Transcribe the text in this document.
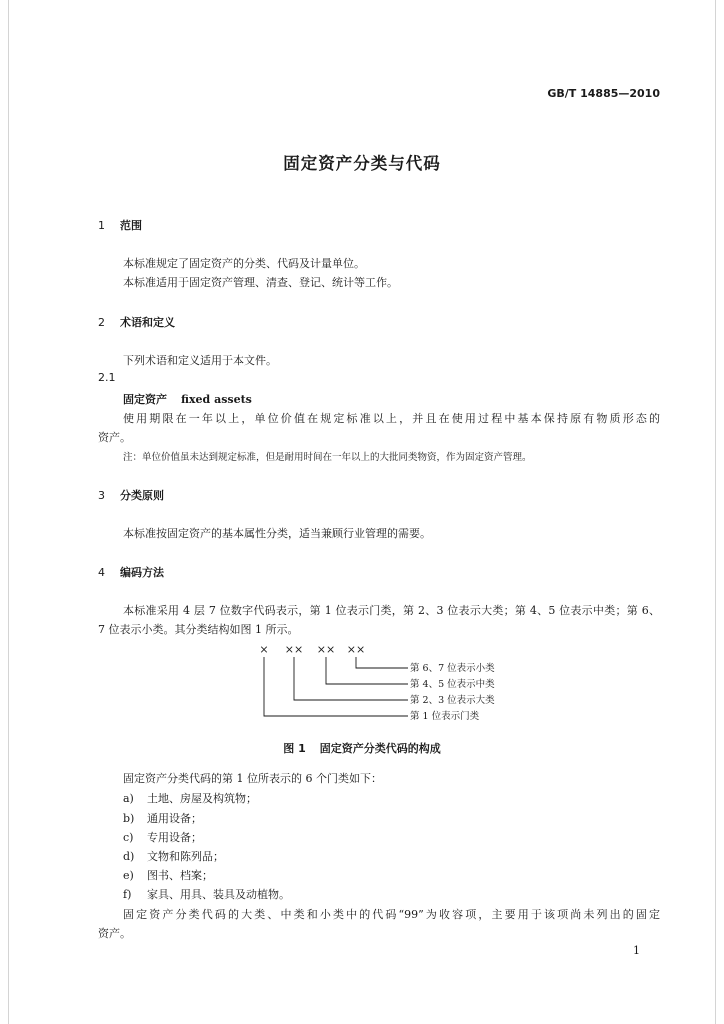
GB/T 14885—2010
固定资产分类与代码
1 范围
本标准规定了固定资产的分类、代码及计量单位。
本标准适用于固定资产管理、清查、登记、统计等工作。
2 术语和定义
下列术语和定义适用于本文件。
2.1
固定资产 fixed assets
使用期限在一年以上，单位价值在规定标准以上，并且在使用过程中基本保持原有物质形态的
资产。
注：单位价值虽未达到规定标准，但是耐用时间在一年以上的大批同类物资，作为固定资产管理。
3 分类原则
本标准按固定资产的基本属性分类，适当兼顾行业管理的需要。
4 编码方法
本标准采用 4 层 7 位数字代码表示，第 1 位表示门类，第 2、3 位表示大类；第 4、5 位表示中类；第 6、
7 位表示小类。其分类结构如图 1 所示。
× ×× ×× ××
第 6、7 位表示小类
第 4、5 位表示中类
第 2、3 位表示大类
第 1 位表示门类
图 1 固定资产分类代码的构成
固定资产分类代码的第 1 位所表示的 6 个门类如下：
a) 土地、房屋及构筑物；
b) 通用设备；
c) 专用设备；
d) 文物和陈列品；
e) 图书、档案；
f) 家具、用具、装具及动植物。
固定资产分类代码的大类、中类和小类中的代码“99”为收容项，主要用于该项尚未列出的固定
资产。
1
